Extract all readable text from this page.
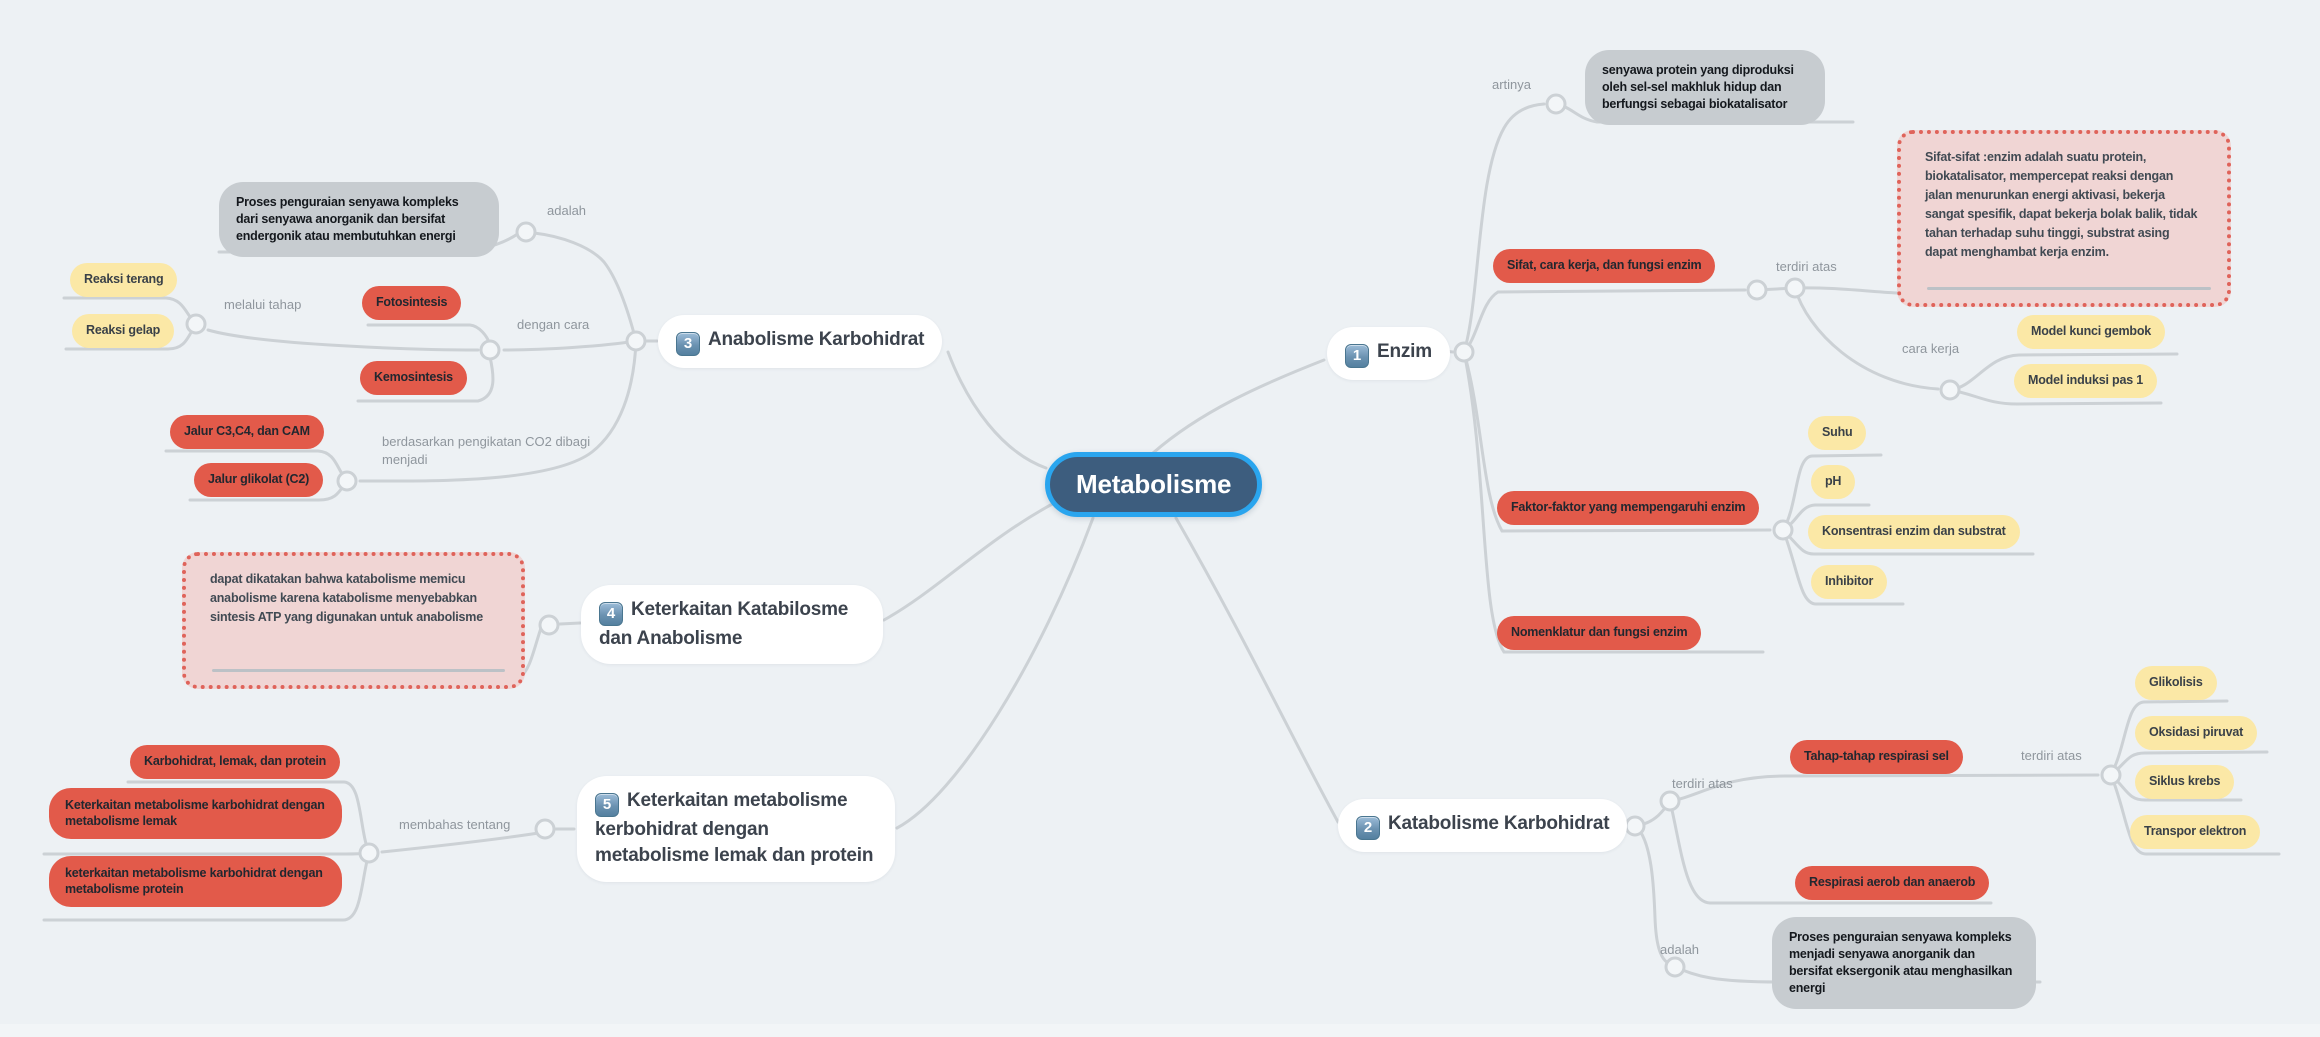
Metabolisme
1 Enzim
artinya
senyawa protein yang diproduksi oleh sel-sel makhluk hidup dan berfungsi sebagai biokatalisator
Sifat, cara kerja, dan fungsi enzim	terdiri atas
Sifat-sifat :enzim adalah suatu protein, biokatalisator, mempercepat reaksi dengan jalan menurunkan energi aktivasi, bekerja sangat spesifik, dapat bekerja bolak balik, tidak tahan terhadap suhu tinggi, substrat asing dapat menghambat kerja enzim.
cara kerja
Model kunci gembok
Model induksi pas 1
Faktor-faktor yang mempengaruhi enzim
Suhu
pH
Konsentrasi enzim dan substrat
Inhibitor
Nomenklatur dan fungsi enzim
2 Katabolisme Karbohidrat
terdiri atas
Tahap-tahap respirasi sel	terdiri atas
Glikolisis
Oksidasi piruvat
Siklus krebs
Transpor elektron
Respirasi aerob dan anaerob
adalah
Proses penguraian senyawa kompleks menjadi senyawa anorganik dan bersifat eksergonik atau menghasilkan energi
3 Anabolisme Karbohidrat
adalah
Proses penguraian senyawa kompleks dari senyawa anorganik dan bersifat endergonik atau membutuhkan energi
dengan cara
Fotosintesis
Kemosintesis
melalui tahap
Reaksi terang
Reaksi gelap
Jalur C3,C4, dan CAM
Jalur glikolat (C2)
berdasarkan pengikatan CO2 dibagi menjadi
4 Keterkaitan Katabilosme dan Anabolisme
dapat dikatakan bahwa katabolisme memicu anabolisme karena katabolisme menyebabkan sintesis ATP yang digunakan untuk anabolisme
5 Keterkaitan metabolisme kerbohidrat dengan metabolisme lemak dan protein
membahas tentang
Karbohidrat, lemak, dan protein
Keterkaitan metabolisme karbohidrat dengan metabolisme lemak
keterkaitan metabolisme karbohidrat dengan metabolisme protein
